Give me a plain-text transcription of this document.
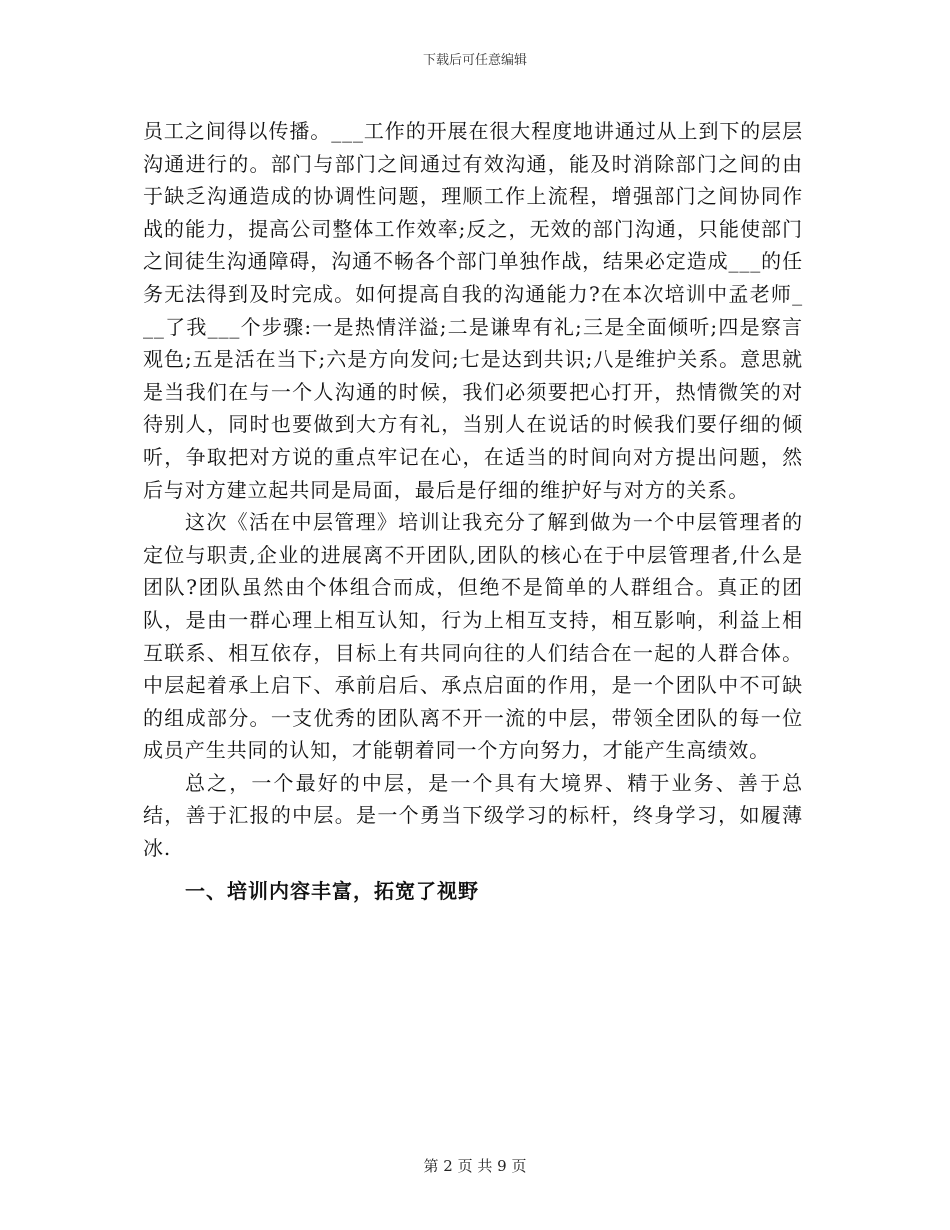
下载后可任意编辑

员工之间得以传播。___工作的开展在很大程度地讲通过从上到下的层层沟通进行的。部门与部门之间通过有效沟通，能及时消除部门之间的由于缺乏沟通造成的协调性问题，理顺工作上流程，增强部门之间协同作战的能力，提高公司整体工作效率;反之，无效的部门沟通，只能使部门之间徒生沟通障碍，沟通不畅各个部门单独作战，结果必定造成___的任务无法得到及时完成。如何提高自我的沟通能力?在本次培训中孟老师___了我___个步骤:一是热情洋溢;二是谦卑有礼;三是全面倾听;四是察言观色;五是活在当下;六是方向发问;七是达到共识;八是维护关系。意思就是当我们在与一个人沟通的时候，我们必须要把心打开，热情微笑的对待别人，同时也要做到大方有礼，当别人在说话的时候我们要仔细的倾听，争取把对方说的重点牢记在心，在适当的时间向对方提出问题，然后与对方建立起共同是局面，最后是仔细的维护好与对方的关系。

这次《活在中层管理》培训让我充分了解到做为一个中层管理者的定位与职责,企业的进展离不开团队,团队的核心在于中层管理者,什么是团队?团队虽然由个体组合而成，但绝不是简单的人群组合。真正的团队，是由一群心理上相互认知，行为上相互支持，相互影响，利益上相互联系、相互依存，目标上有共同向往的人们结合在一起的人群合体。中层起着承上启下、承前启后、承点启面的作用，是一个团队中不可缺的组成部分。一支优秀的团队离不开一流的中层，带领全团队的每一位成员产生共同的认知，才能朝着同一个方向努力，才能产生高绩效。

总之，一个最好的中层，是一个具有大境界、精于业务、善于总结，善于汇报的中层。是一个勇当下级学习的标杆，终身学习，如履薄冰.

一、培训内容丰富，拓宽了视野
第 2 页 共 9 页
